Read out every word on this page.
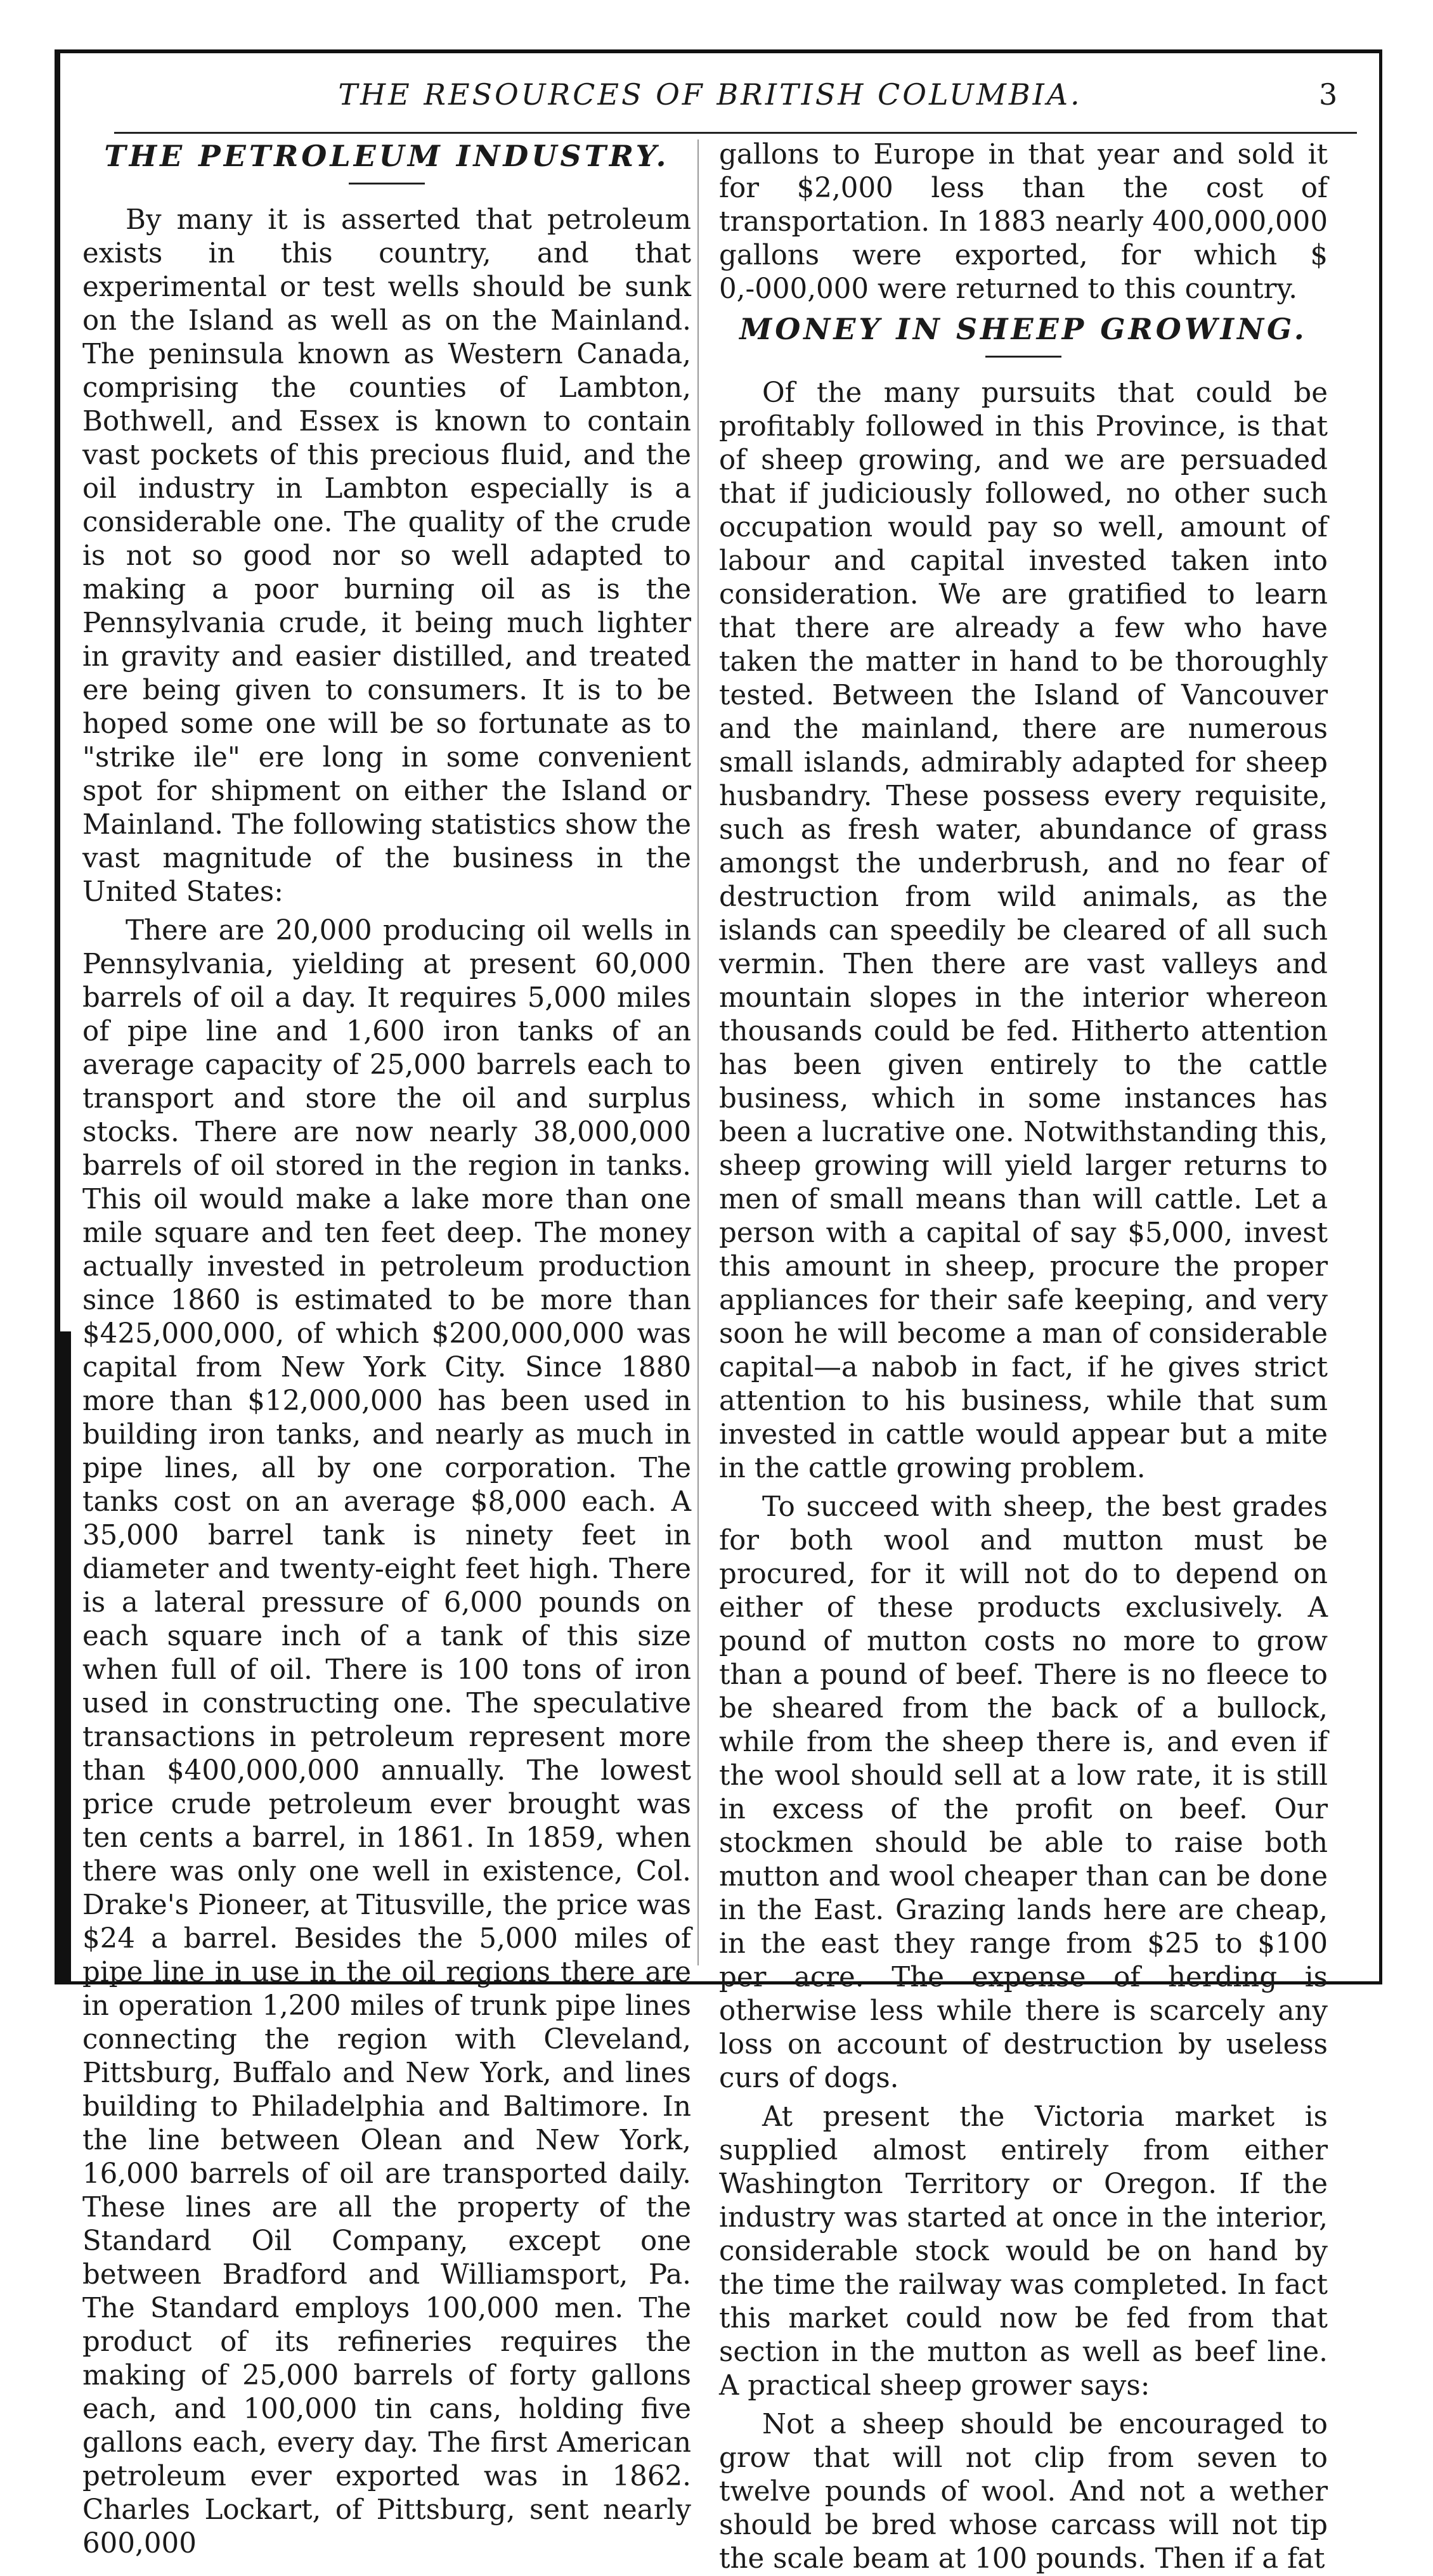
THE RESOURCES OF BRITISH COLUMBIA.	3
THE PETROLEUM INDUSTRY.

By many it is asserted that petroleum exists in this country, and that experimental or test wells should be sunk on the Island as well as on the Mainland. The peninsula known as Western Canada, comprising the counties of Lambton, Bothwell, and Essex is known to contain vast pockets of this precious fluid, and the oil industry in Lambton especially is a considerable one. The quality of the crude is not so good nor so well adapted to making a poor burning oil as is the Pennsylvania crude, it being much lighter in gravity and easier distilled, and treated ere being given to consumers. It is to be hoped some one will be so fortunate as to "strike ile" ere long in some convenient spot for shipment on either the Island or Mainland. The following statistics show the vast magnitude of the business in the United States:

There are 20,000 producing oil wells in Pennsylvania, yielding at present 60,000 barrels of oil a day. It requires 5,000 miles of pipe line and 1,600 iron tanks of an average capacity of 25,000 barrels each to transport and store the oil and surplus stocks. There are now nearly 38,000,000 barrels of oil stored in the region in tanks. This oil would make a lake more than one mile square and ten feet deep. The money actually invested in petroleum production since 1860 is estimated to be more than $425,000,000, of which $200,000,000 was capital from New York City. Since 1880 more than $12,000,000 has been used in building iron tanks, and nearly as much in pipe lines, all by one corporation. The tanks cost on an average $8,000 each. A 35,000 barrel tank is ninety feet in diameter and twenty-eight feet high. There is a lateral pressure of 6,000 pounds on each square inch of a tank of this size when full of oil. There is 100 tons of iron used in constructing one. The speculative transactions in petroleum represent more than $400,000,000 annually. The lowest price crude petroleum ever brought was ten cents a barrel, in 1861. In 1859, when there was only one well in existence, Col. Drake's Pioneer, at Titusville, the price was $24 a barrel. Besides the 5,000 miles of pipe line in use in the oil regions there are in operation 1,200 miles of trunk pipe lines connecting the region with Cleveland, Pittsburg, Buffalo and New York, and lines building to Philadelphia and Baltimore. In the line between Olean and New York, 16,000 barrels of oil are transported daily. These lines are all the property of the Standard Oil Company, except one between Bradford and Williamsport, Pa. The Standard employs 100,000 men. The product of its refineries requires the making of 25,000 barrels of forty gallons each, and 100,000 tin cans, holding five gallons each, every day. The first American petroleum ever exported was in 1862. Charles Lockart, of Pittsburg, sent nearly 600,000

gallons to Europe in that year and sold it for $2,000 less than the cost of transportation. In 1883 nearly 400,000,000 gallons were exported, for which $ 0,-000,000 were returned to this country.

MONEY IN SHEEP GROWING.

Of the many pursuits that could be profitably followed in this Province, is that of sheep growing, and we are persuaded that if judiciously followed, no other such occupation would pay so well, amount of labour and capital invested taken into consideration. We are gratified to learn that there are already a few who have taken the matter in hand to be thoroughly tested. Between the Island of Vancouver and the mainland, there are numerous small islands, admirably adapted for sheep husbandry. These possess every requisite, such as fresh water, abundance of grass amongst the underbrush, and no fear of destruction from wild animals, as the islands can speedily be cleared of all such vermin. Then there are vast valleys and mountain slopes in the interior whereon thousands could be fed. Hitherto attention has been given entirely to the cattle business, which in some instances has been a lucrative one. Notwithstanding this, sheep growing will yield larger returns to men of small means than will cattle. Let a person with a capital of say $5,000, invest this amount in sheep, procure the proper appliances for their safe keeping, and very soon he will become a man of considerable capital—a nabob in fact, if he gives strict attention to his business, while that sum invested in cattle would appear but a mite in the cattle growing problem.

To succeed with sheep, the best grades for both wool and mutton must be procured, for it will not do to depend on either of these products exclusively. A pound of mutton costs no more to grow than a pound of beef. There is no fleece to be sheared from the back of a bullock, while from the sheep there is, and even if the wool should sell at a low rate, it is still in excess of the profit on beef. Our stockmen should be able to raise both mutton and wool cheaper than can be done in the East. Grazing lands here are cheap, in the east they range from $25 to $100 per acre. The expense of herding is otherwise less while there is scarcely any loss on account of destruction by useless curs of dogs.

At present the Victoria market is supplied almost entirely from either Washington Territory or Oregon. If the industry was started at once in the interior, considerable stock would be on hand by the time the railway was completed. In fact this market could now be fed from that section in the mutton as well as beef line. A practical sheep grower says:

Not a sheep should be encouraged to grow that will not clip from seven to twelve pounds of wool. And not a wether should be bred whose carcass will not tip the scale beam at 100 pounds. Then if a fat
